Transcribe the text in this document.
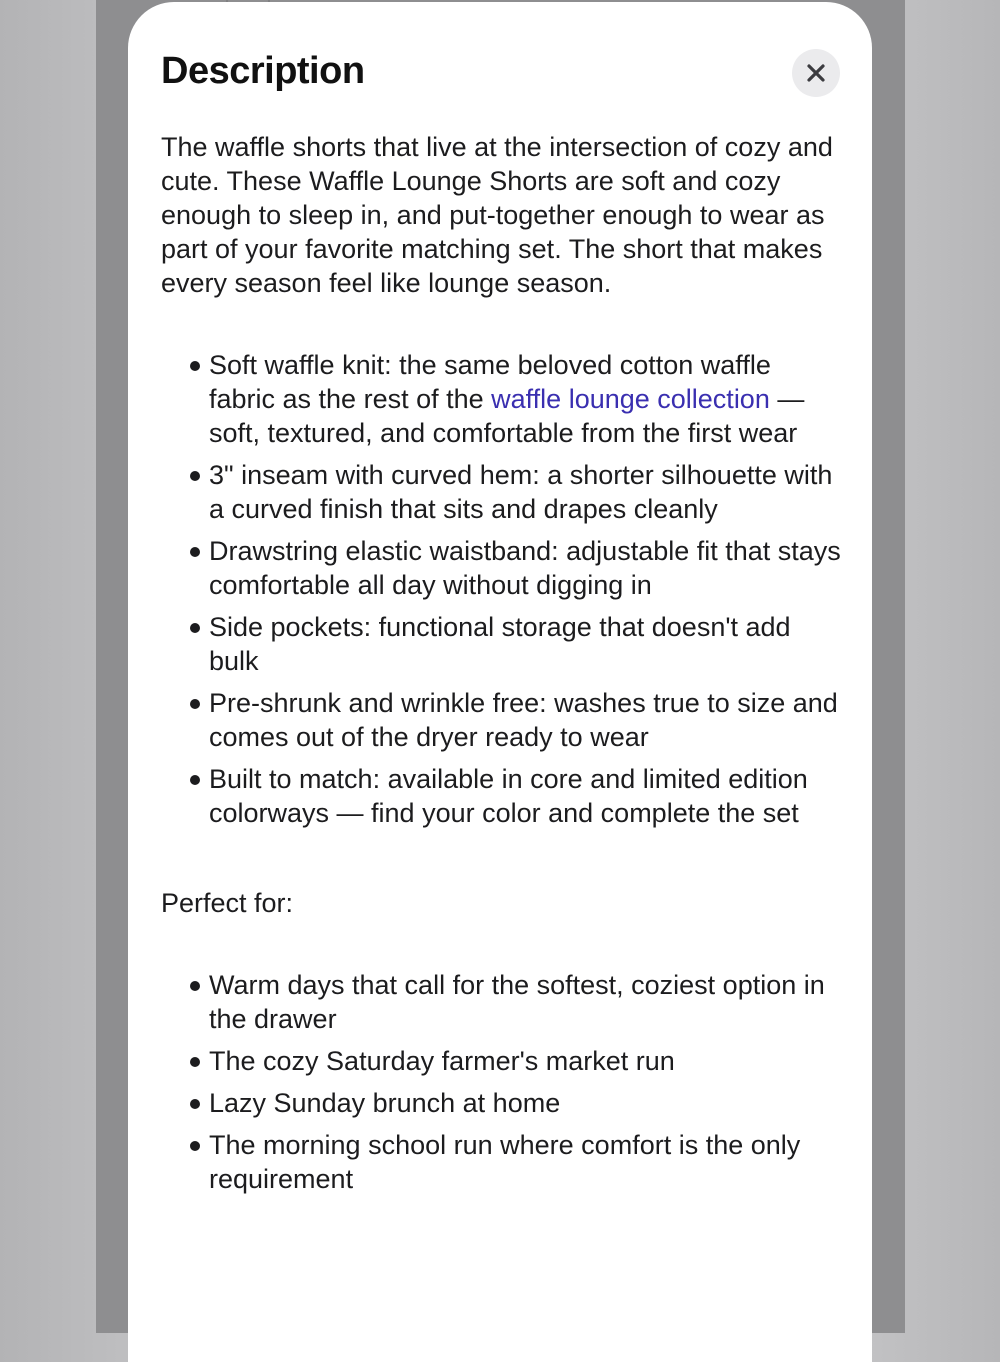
Description

The waffle shorts that live at the intersection of cozy and cute. These Waffle Lounge Shorts are soft and cozy enough to sleep in, and put-together enough to wear as part of your favorite matching set. The short that makes every season feel like lounge season.

Soft waffle knit: the same beloved cotton waffle fabric as the rest of the waffle lounge collection — soft, textured, and comfortable from the first wear
3" inseam with curved hem: a shorter silhouette with a curved finish that sits and drapes cleanly
Drawstring elastic waistband: adjustable fit that stays comfortable all day without digging in
Side pockets: functional storage that doesn't add bulk
Pre-shrunk and wrinkle free: washes true to size and comes out of the dryer ready to wear
Built to match: available in core and limited edition colorways — find your color and complete the set

Perfect for:

Warm days that call for the softest, coziest option in the drawer
The cozy Saturday farmer's market run
Lazy Sunday brunch at home
The morning school run where comfort is the only requirement
